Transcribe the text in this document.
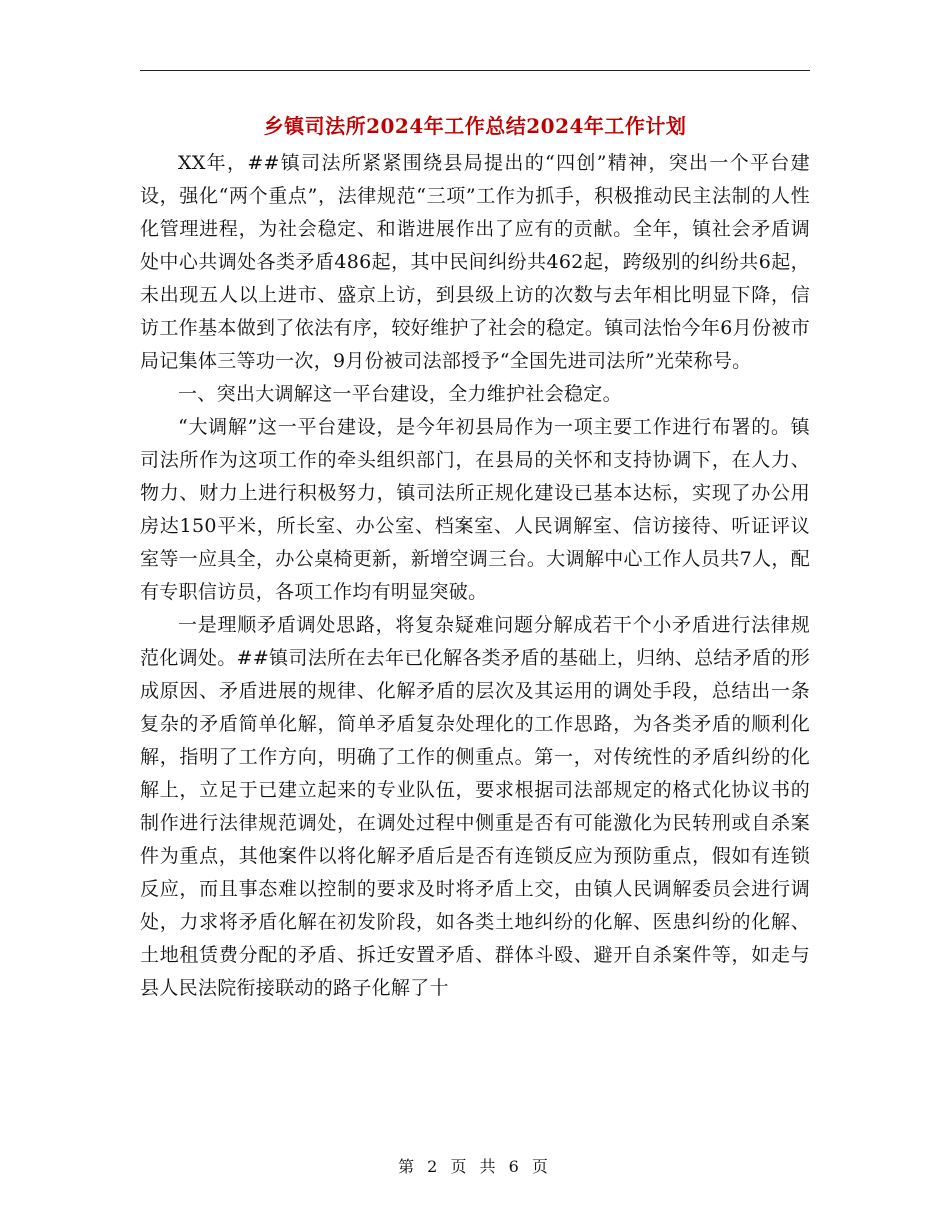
乡镇司法所2024年工作总结2024年工作计划

XX年，##镇司法所紧紧围绕县局提出的“四创”精神，突出一个平台建设，强化“两个重点”，法律规范“三项”工作为抓手，积极推动民主法制的人性化管理进程，为社会稳定、和谐进展作出了应有的贡献。全年，镇社会矛盾调处中心共调处各类矛盾486起，其中民间纠纷共462起，跨级别的纠纷共6起，未出现五人以上进市、盛京上访，到县级上访的次数与去年相比明显下降，信访工作基本做到了依法有序，较好维护了社会的稳定。镇司法怡今年6月份被市局记集体三等功一次，9月份被司法部授予“全国先进司法所”光荣称号。

一、突出大调解这一平台建设，全力维护社会稳定。

“大调解”这一平台建设，是今年初县局作为一项主要工作进行布署的。镇司法所作为这项工作的牵头组织部门，在县局的关怀和支持协调下，在人力、物力、财力上进行积极努力，镇司法所正规化建设已基本达标，实现了办公用房达150平米，所长室、办公室、档案室、人民调解室、信访接待、听证评议室等一应具全，办公桌椅更新，新增空调三台。大调解中心工作人员共7人，配有专职信访员，各项工作均有明显突破。

一是理顺矛盾调处思路，将复杂疑难问题分解成若干个小矛盾进行法律规范化调处。##镇司法所在去年已化解各类矛盾的基础上，归纳、总结矛盾的形成原因、矛盾进展的规律、化解矛盾的层次及其运用的调处手段，总结出一条复杂的矛盾简单化解，简单矛盾复杂处理化的工作思路，为各类矛盾的顺利化解，指明了工作方向，明确了工作的侧重点。第一，对传统性的矛盾纠纷的化解上，立足于已建立起来的专业队伍，要求根据司法部规定的格式化协议书的制作进行法律规范调处，在调处过程中侧重是否有可能激化为民转刑或自杀案件为重点，其他案件以将化解矛盾后是否有连锁反应为预防重点，假如有连锁反应，而且事态难以控制的要求及时将矛盾上交，由镇人民调解委员会进行调处，力求将矛盾化解在初发阶段，如各类土地纠纷的化解、医患纠纷的化解、土地租赁费分配的矛盾、拆迁安置矛盾、群体斗殴、避开自杀案件等，如走与县人民法院衔接联动的路子化解了十

第 2 页 共 6 页
